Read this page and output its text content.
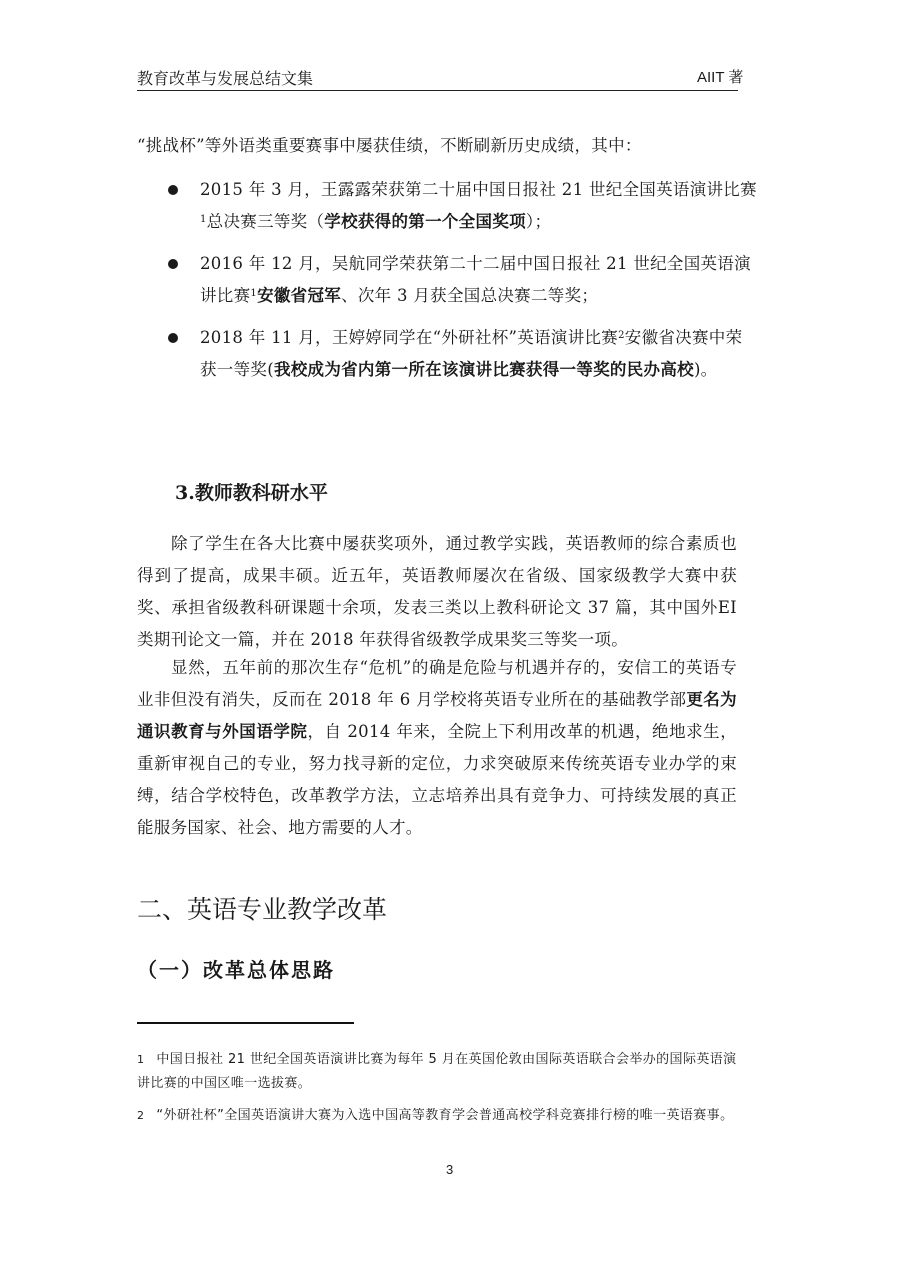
教育改革与发展总结文集	AIIT 著
“挑战杯”等外语类重要赛事中屡获佳绩，不断刷新历史成绩，其中：
2015 年 3 月，王露露荣获第二十届中国日报社 21 世纪全国英语演讲比赛$^1$总决赛三等奖（学校获得的第一个全国奖项）；
2016 年 12 月，吴航同学荣获第二十二届中国日报社 21 世纪全国英语演讲比赛$^1$安徽省冠军、次年 3 月获全国总决赛二等奖；
2018 年 11 月，王婷婷同学在“外研社杯”英语演讲比赛$^2$安徽省决赛中荣获一等奖(我校成为省内第一所在该演讲比赛获得一等奖的民办高校)。
3.教师教科研水平
除了学生在各大比赛中屡获奖项外，通过教学实践，英语教师的综合素质也得到了提高，成果丰硕。近五年，英语教师屡次在省级、国家级教学大赛中获奖、承担省级教科研课题十余项，发表三类以上教科研论文 37 篇，其中国外EI 类期刊论文一篇，并在 2018 年获得省级教学成果奖三等奖一项。
显然，五年前的那次生存“危机”的确是危险与机遇并存的，安信工的英语专业非但没有消失，反而在 2018 年 6 月学校将英语专业所在的基础教学部更名为通识教育与外国语学院，自 2014 年来，全院上下利用改革的机遇，绝地求生，重新审视自己的专业，努力找寻新的定位，力求突破原来传统英语专业办学的束缚，结合学校特色，改革教学方法，立志培养出具有竞争力、可持续发展的真正能服务国家、社会、地方需要的人才。
二、英语专业教学改革
（一）改革总体思路
1 中国日报社 21 世纪全国英语演讲比赛为每年 5 月在英国伦敦由国际英语联合会举办的国际英语演讲比赛的中国区唯一选拔赛。
2 “外研社杯”全国英语演讲大赛为入选中国高等教育学会普通高校学科竞赛排行榜的唯一英语赛事。
3
